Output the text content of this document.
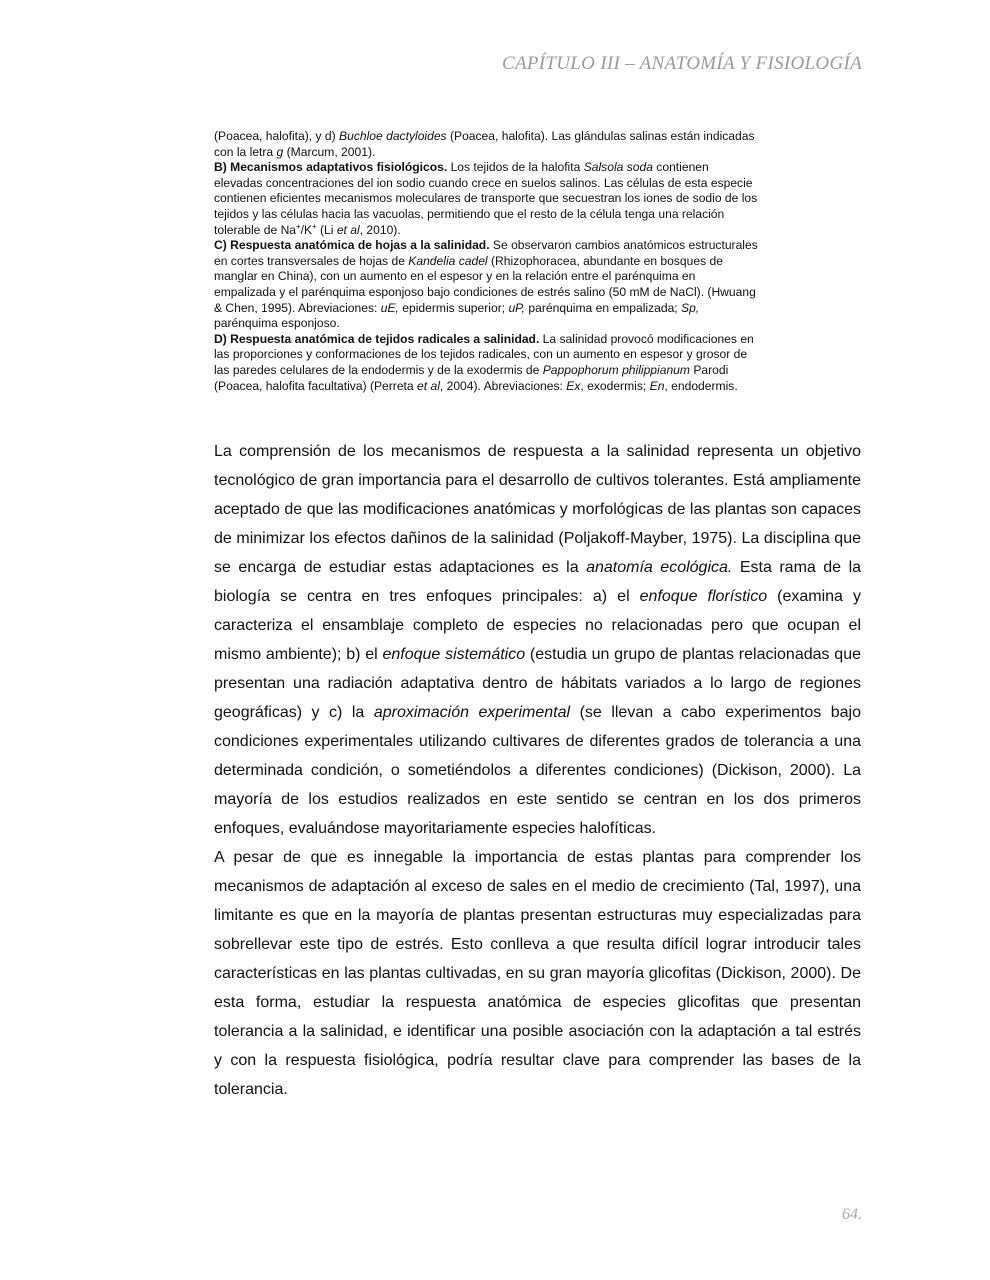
CAPÍTULO III – ANATOMÍA Y FISIOLOGÍA

(Poacea, halofita), y d) Buchloe dactyloides (Poacea, halofita). Las glándulas salinas están indicadas con la letra g (Marcum, 2001).

B) Mecanismos adaptativos fisiológicos. Los tejidos de la halofita Salsola soda contienen elevadas concentraciones del ion sodio cuando crece en suelos salinos. Las células de esta especie contienen eficientes mecanismos moleculares de transporte que secuestran los iones de sodio de los tejidos y las células hacia las vacuolas, permitiendo que el resto de la célula tenga una relación tolerable de Na+/K+ (Li et al, 2010).

C) Respuesta anatómica de hojas a la salinidad. Se observaron cambios anatómicos estructurales en cortes transversales de hojas de Kandelia cadel (Rhizophoracea, abundante en bosques de manglar en China), con un aumento en el espesor y en la relación entre el parénquima en empalizada y el parénquima esponjoso bajo condiciones de estrés salino (50 mM de NaCl). (Hwuang & Chen, 1995). Abreviaciones: uE, epidermis superior; uP, parénquima en empalizada; Sp, parénquima esponjoso.

D) Respuesta anatómica de tejidos radicales a salinidad. La salinidad provocó modificaciones en las proporciones y conformaciones de los tejidos radicales, con un aumento en espesor y grosor de las paredes celulares de la endodermis y de la exodermis de Pappophorum philippianum Parodi (Poacea, halofita facultativa) (Perreta et al, 2004). Abreviaciones: Ex, exodermis; En, endodermis.

La comprensión de los mecanismos de respuesta a la salinidad representa un objetivo tecnológico de gran importancia para el desarrollo de cultivos tolerantes. Está ampliamente aceptado de que las modificaciones anatómicas y morfológicas de las plantas son capaces de minimizar los efectos dañinos de la salinidad (Poljakoff-Mayber, 1975). La disciplina que se encarga de estudiar estas adaptaciones es la anatomía ecológica. Esta rama de la biología se centra en tres enfoques principales: a) el enfoque florístico (examina y caracteriza el ensamblaje completo de especies no relacionadas pero que ocupan el mismo ambiente); b) el enfoque sistemático (estudia un grupo de plantas relacionadas que presentan una radiación adaptativa dentro de hábitats variados a lo largo de regiones geográficas) y c) la aproximación experimental (se llevan a cabo experimentos bajo condiciones experimentales utilizando cultivares de diferentes grados de tolerancia a una determinada condición, o sometiéndolos a diferentes condiciones) (Dickison, 2000). La mayoría de los estudios realizados en este sentido se centran en los dos primeros enfoques, evaluándose mayoritariamente especies halofíticas.

A pesar de que es innegable la importancia de estas plantas para comprender los mecanismos de adaptación al exceso de sales en el medio de crecimiento (Tal, 1997), una limitante es que en la mayoría de plantas presentan estructuras muy especializadas para sobrellevar este tipo de estrés. Esto conlleva a que resulta difícil lograr introducir tales características en las plantas cultivadas, en su gran mayoría glicofitas (Dickison, 2000). De esta forma, estudiar la respuesta anatómica de especies glicofitas que presentan tolerancia a la salinidad, e identificar una posible asociación con la adaptación a tal estrés y con la respuesta fisiológica, podría resultar clave para comprender las bases de la tolerancia.

64.
